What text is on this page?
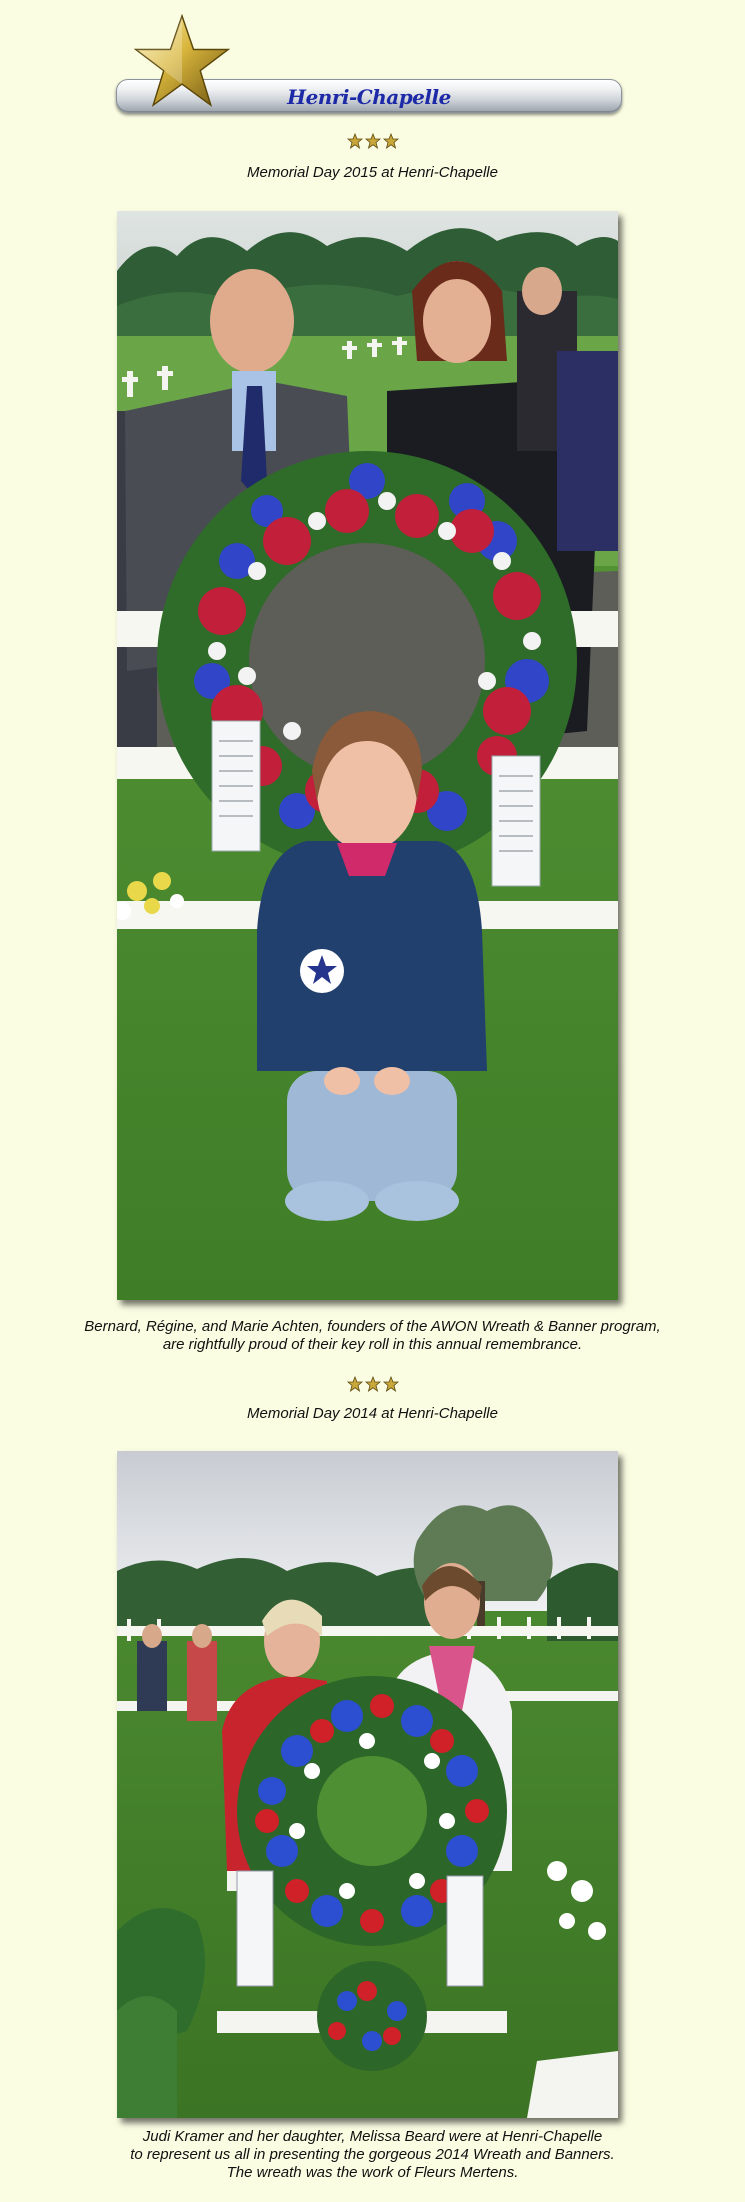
Henri-Chapelle
Memorial Day 2015 at Henri-Chapelle
Bernard, Régine, and Marie Achten, founders of the AWON Wreath & Banner program,
are rightfully proud of their key roll in this annual remembrance.
Memorial Day 2014 at Henri-Chapelle
Judi Kramer and her daughter, Melissa Beard were at Henri-Chapelle
to represent us all in presenting the gorgeous 2014 Wreath and Banners.
The wreath was the work of Fleurs Mertens.
